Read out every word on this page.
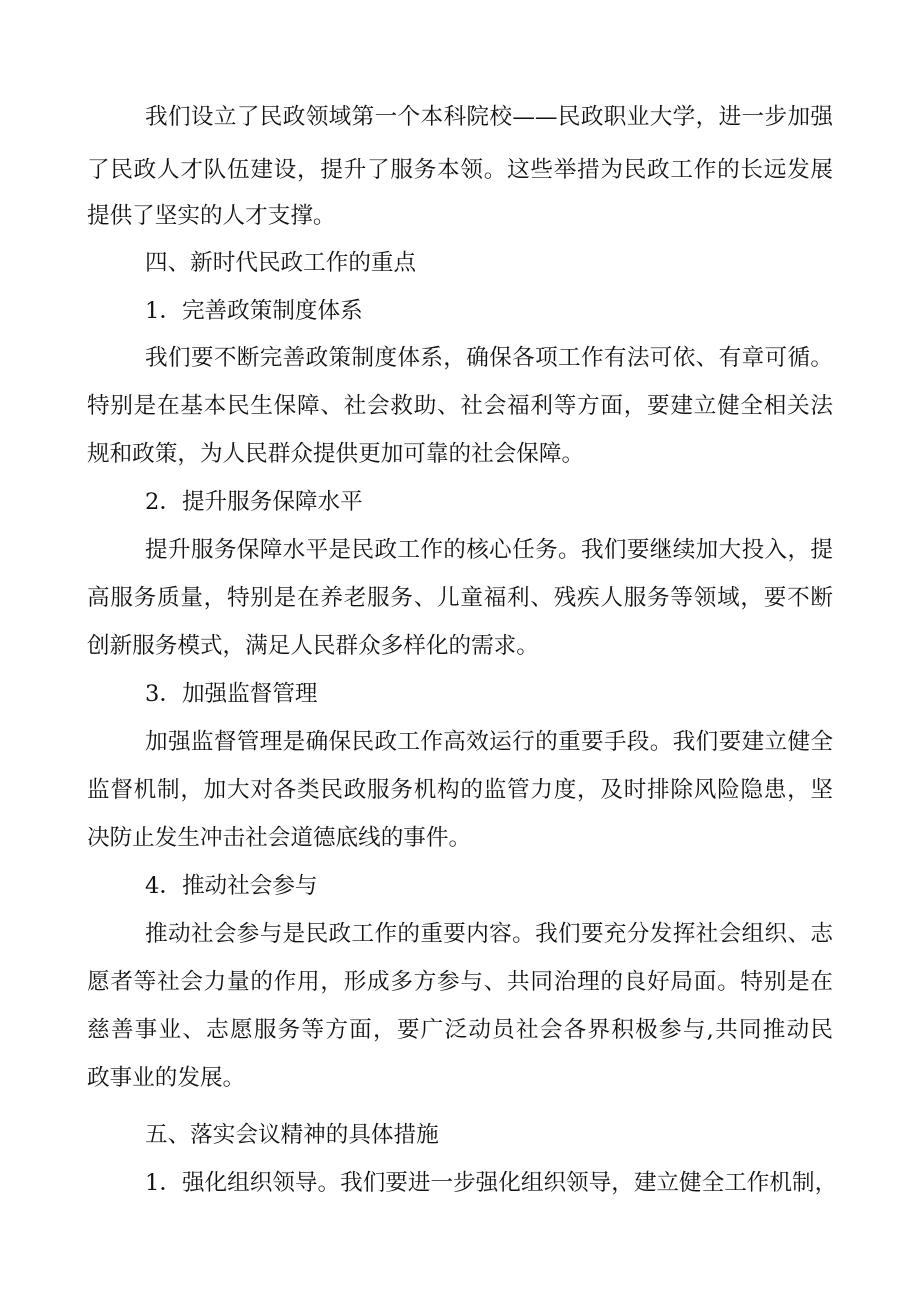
我们设立了民政领域第一个本科院校——民政职业大学，进一步加强
了民政人才队伍建设，提升了服务本领。这些举措为民政工作的长远发展
提供了坚实的人才支撑。
四、新时代民政工作的重点
1．完善政策制度体系
我们要不断完善政策制度体系，确保各项工作有法可依、有章可循。
特别是在基本民生保障、社会救助、社会福利等方面，要建立健全相关法
规和政策，为人民群众提供更加可靠的社会保障。
2．提升服务保障水平
提升服务保障水平是民政工作的核心任务。我们要继续加大投入，提
高服务质量，特别是在养老服务、儿童福利、残疾人服务等领域，要不断
创新服务模式，满足人民群众多样化的需求。
3．加强监督管理
加强监督管理是确保民政工作高效运行的重要手段。我们要建立健全
监督机制，加大对各类民政服务机构的监管力度，及时排除风险隐患，坚
决防止发生冲击社会道德底线的事件。
4．推动社会参与
推动社会参与是民政工作的重要内容。我们要充分发挥社会组织、志
愿者等社会力量的作用，形成多方参与、共同治理的良好局面。特别是在
慈善事业、志愿服务等方面，要广泛动员社会各界积极参与,共同推动民
政事业的发展。
五、落实会议精神的具体措施
1．强化组织领导。我们要进一步强化组织领导，建立健全工作机制，
